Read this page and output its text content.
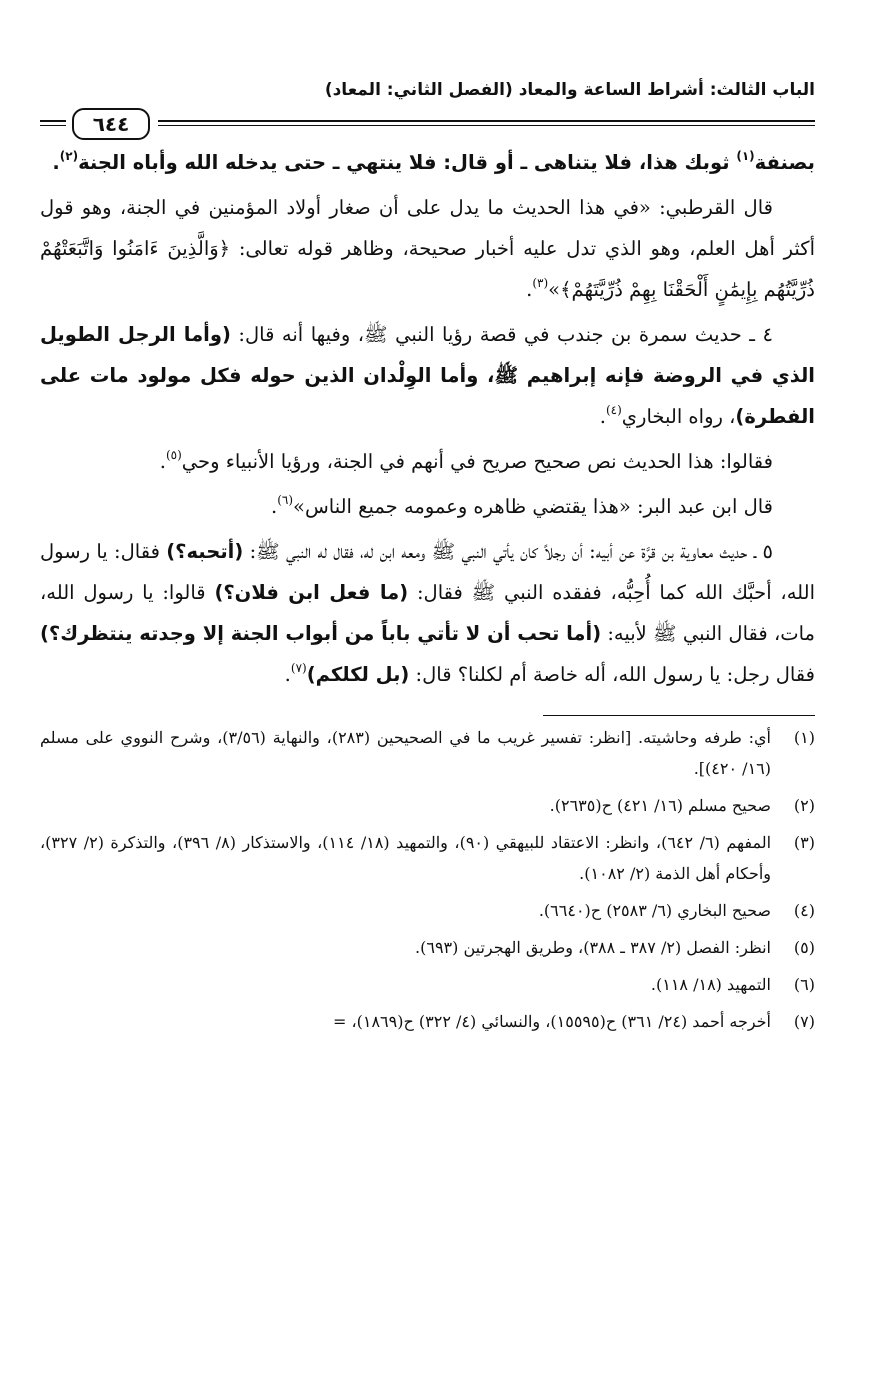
الباب الثالث: أشراط الساعة والمعاد (الفصل الثاني: المعاد)
٦٤٤

بصنفة$^{(١)}$ ثوبك هذا، فلا يتناهى ـ أو قال: فلا ينتهي ـ حتى يدخله الله وأباه الجنة$^{(٢)}$.

قال القرطبي: «في هذا الحديث ما يدل على أن صغار أولاد المؤمنين في الجنة، وهو قول أكثر أهل العلم، وهو الذي تدل عليه أخبار صحيحة، وظاهر قوله تعالى: ﴿وَالَّذِينَ ءَامَنُوا وَاتَّبَعَتْهُمْ ذُرِّيَّتُهُم بِإِيمَٰنٍ أَلْحَقْنَا بِهِمْ ذُرِّيَّتَهُمْ﴾»$^{(٣)}$.

٤ ـ حديث سمرة بن جندب في قصة رؤيا النبي ﷺ، وفيها أنه قال: (وأما الرجل الطويل الذي في الروضة فإنه إبراهيم ﷺ، وأما الوِلْدان الذين حوله فكل مولود مات على الفطرة)، رواه البخاري$^{(٤)}$.

فقالوا: هذا الحديث نص صحيح صريح في أنهم في الجنة، ورؤيا الأنبياء وحي$^{(٥)}$.

قال ابن عبد البر: «هذا يقتضي ظاهره وعمومه جميع الناس»$^{(٦)}$.

٥ ـ حديث معاوية بن قرَّة عن أبيه: أن رجلاً كان يأتي النبي ﷺ ومعه ابن له، فقال له النبي ﷺ: (أتحبه؟) فقال: يا رسول الله، أحبَّك الله كما أُحِبُّه، ففقده النبي ﷺ فقال: (ما فعل ابن فلان؟) قالوا: يا رسول الله، مات، فقال النبي ﷺ لأبيه: (أما تحب أن لا تأتي باباً من أبواب الجنة إلا وجدته ينتظرك؟) فقال رجل: يا رسول الله، أله خاصة أم لكلنا؟ قال: (بل لكلكم)$^{(٧)}$.

(١)
أي: طرفه وحاشيته. [انظر: تفسير غريب ما في الصحيحين (٢٨٣)، والنهاية (٣/٥٦)، وشرح النووي على مسلم (١٦/ ٤٢٠)].
(٢)
صحيح مسلم (١٦/ ٤٢١) ح(٢٦٣٥).
(٣)
المفهم (٦/ ٦٤٢)، وانظر: الاعتقاد للبيهقي (٩٠)، والتمهيد (١٨/ ١١٤)، والاستذكار (٨/ ٣٩٦)، والتذكرة (٢/ ٣٢٧)، وأحكام أهل الذمة (٢/ ١٠٨٢).
(٤)
صحيح البخاري (٦/ ٢٥٨٣) ح(٦٦٤٠).
(٥)
انظر: الفصل (٢/ ٣٨٧ ـ ٣٨٨)، وطريق الهجرتين (٦٩٣).
(٦)
التمهيد (١٨/ ١١٨).
(٧)
أخرجه أحمد (٢٤/ ٣٦١) ح(١٥٥٩٥)، والنسائي (٤/ ٣٢٢) ح(١٨٦٩)، =
